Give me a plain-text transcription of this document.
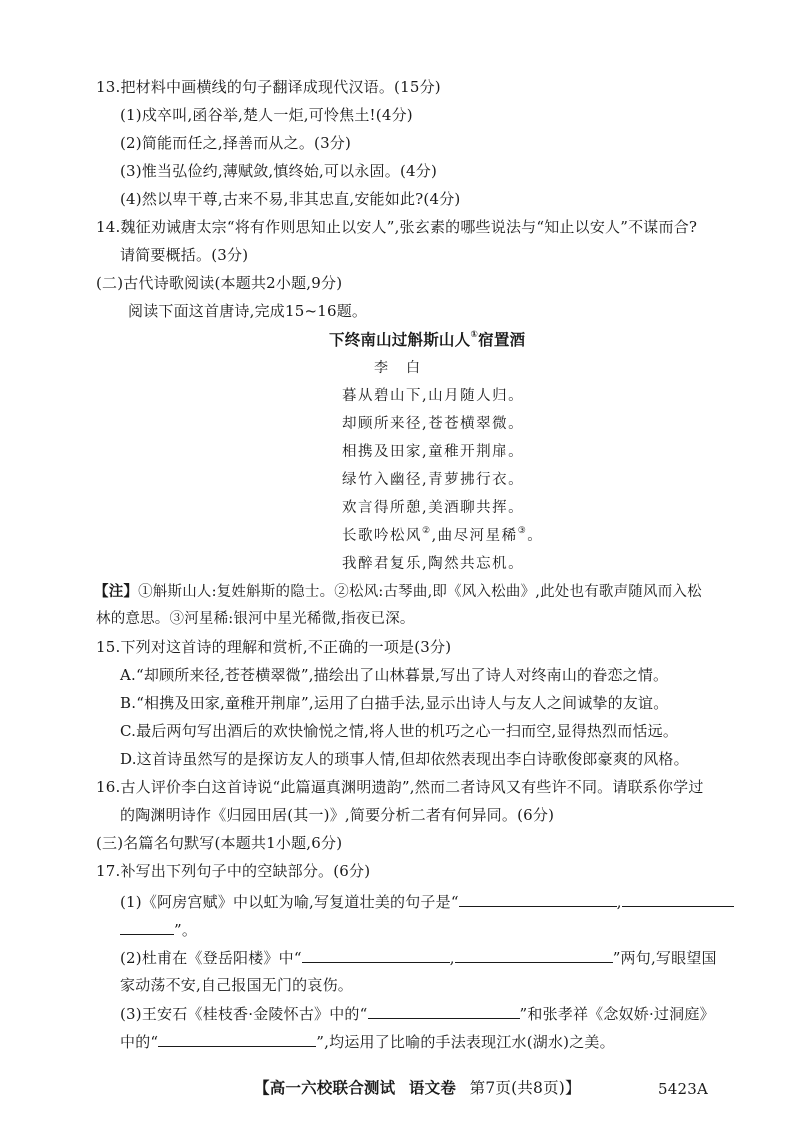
13.把材料中画横线的句子翻译成现代汉语。(15分)
(1)戍卒叫,函谷举,楚人一炬,可怜焦土!(4分)
(2)简能而任之,择善而从之。(3分)
(3)惟当弘俭约,薄赋敛,慎终始,可以永固。(4分)
(4)然以卑干尊,古来不易,非其忠直,安能如此?(4分)
14.魏征劝诫唐太宗“将有作则思知止以安人”,张玄素的哪些说法与“知止以安人”不谋而合?
请简要概括。(3分)
(二)古代诗歌阅读(本题共2小题,9分)
阅读下面这首唐诗,完成15~16题。
下终南山过斛斯山人①宿置酒
李白
暮从碧山下,山月随人归。
却顾所来径,苍苍横翠微。
相携及田家,童稚开荆扉。
绿竹入幽径,青萝拂行衣。
欢言得所憩,美酒聊共挥。
长歌吟松风②,曲尽河星稀③。
我醉君复乐,陶然共忘机。
【注】①斛斯山人:复姓斛斯的隐士。②松风:古琴曲,即《风入松曲》,此处也有歌声随风而入松
林的意思。③河星稀:银河中星光稀微,指夜已深。
15.下列对这首诗的理解和赏析,不正确的一项是(3分)
A.“却顾所来径,苍苍横翠微”,描绘出了山林暮景,写出了诗人对终南山的眷恋之情。
B.“相携及田家,童稚开荆扉”,运用了白描手法,显示出诗人与友人之间诚挚的友谊。
C.最后两句写出酒后的欢快愉悦之情,将人世的机巧之心一扫而空,显得热烈而恬远。
D.这首诗虽然写的是探访友人的琐事人情,但却依然表现出李白诗歌俊郎豪爽的风格。
16.古人评价李白这首诗说“此篇逼真渊明遗韵”,然而二者诗风又有些许不同。请联系你学过
的陶渊明诗作《归园田居(其一)》,简要分析二者有何异同。(6分)
(三)名篇名句默写(本题共1小题,6分)
17.补写出下列句子中的空缺部分。(6分)
(1)《阿房宫赋》中以虹为喻,写复道壮美的句子是“	,
”。
(2)杜甫在《登岳阳楼》中“	,	”两句,写眼望国
家动荡不安,自己报国无门的哀伤。
(3)王安石《桂枝香·金陵怀古》中的“	”和张孝祥《念奴娇·过洞庭》
中的“	”,均运用了比喻的手法表现江水(湖水)之美。
【高一六校联合测试 语文卷 第7页(共8页)】	5423A
